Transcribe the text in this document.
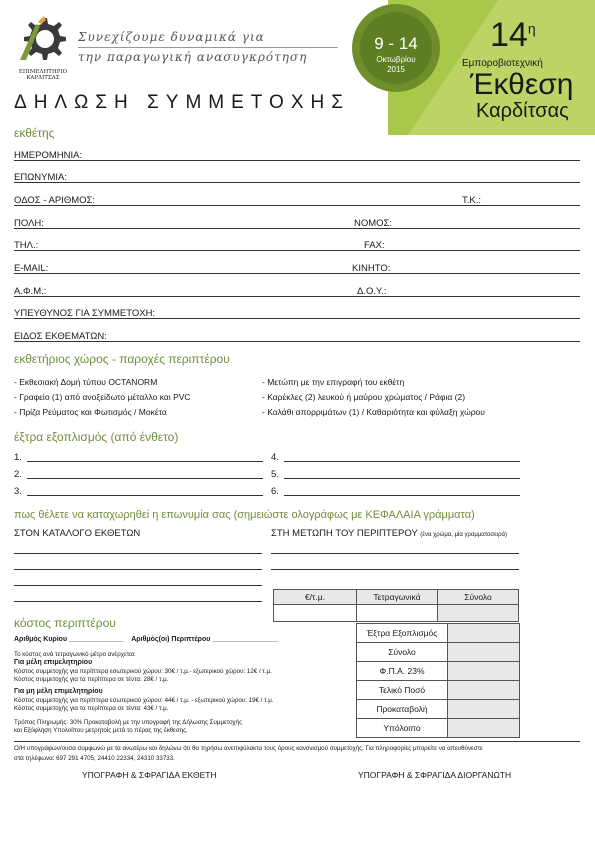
ΕΠΙΜΕΛΗΤΗΡΙΟ
ΚΑΡΔΙΤΣΑΣ
Συνεχίζουμε δυναμικά για
την παραγωγική ανασυγκρότηση
9 - 14
Οκτωβρίου
2015
$14^\eta$
Εμποροβιοτεχνική
Έκθεση
Καρδίτσας
ΔΗΛΩΣΗ ΣΥΜΜΕΤΟΧΗΣ
εκθέτης
ΗΜΕΡΟΜΗΝΙΑ:
ΕΠΩΝΥΜΙΑ:
ΟΔΟΣ - ΑΡΙΘΜΟΣ:	Τ.Κ.:
ΠΟΛΗ:	ΝΟΜΟΣ:
ΤΗΛ.:	FAX:
E-MAIL:	ΚΙΝΗΤΟ:
Α.Φ.Μ.:	Δ.Ο.Υ.:
ΥΠΕΥΘΥΝΟΣ ΓΙΑ ΣΥΜΜΕΤΟΧΗ:
ΕΙΔΟΣ ΕΚΘΕΜΑΤΩΝ:
εκθετήριος χώρος - παροχές περιπτέρου
- Εκθεσιακή Δομή τύπου OCTANORM
- Γραφείο (1) από ανοξείδωτο μέταλλο και PVC
- Πρίζα Ρεύματος και Φωτισμός / Μοκέτα
- Μετώπη με την επιγραφή του εκθέτη
- Καρέκλες (2) λευκού ή μαύρου χρώματος / Ράφια (2)
- Καλάθι απορριμάτων (1) / Καθαριότητα και φύλαξη χώρου
έξτρα εξοπλισμός (από ένθετο)
1.
2.
3.
4.
5.
6.
πως θέλετε να καταχωρηθεί η επωνυμία σας (σημειώστε ολογράφως με ΚΕΦΑΛΑΙΑ γράμματα)
ΣΤΟΝ ΚΑΤΑΛΟΓΟ ΕΚΘΕΤΩΝ	ΣΤΗ ΜΕΤΩΠΗ ΤΟΥ ΠΕΡΙΠΤΕΡΟΥ (ένα χρώμα, μία γραμματοσειρά)
€/τ.μ.	Τετραγωνικά	Σύνολο
κόστος περιπτέρου
Αριθμός Κυρίου ______________ Αριθμός(οι) Περιπτέρου _________________
Το κόστος ανά τετραγωνικό μέτρο ανέρχεται:
Για μέλη επιμελητηρίου
Κόστος συμμετοχής για περίπτερα εσωτερικού χώρου: 30€ / τ.μ.- εξωτερικού χώρου: 12€ / τ.μ.
Κόστος συμμετοχής για τα περίπτερα σε τέντα: 28€ / τ.μ.
Για μη μέλη επιμελητηρίου
Κόστος συμμετοχής για περίπτερα εσωτερικού χώρου: 44€ / τ.μ. - εξωτερικού χώρου: 19€ / τ.μ.
Κόστος συμμετοχής για τα περίπτερα σε τέντα: 43€ / τ.μ.
Τρόπος Πληρωμής: 30% Προκαταβολή με την υπογραφή της Δήλωσης Συμμετοχής
και Εξόφληση Υπολοίπου μετρητοίς μετά το πέρας της έκθεσης.
Έξτρα Εξοπλισμός
Σύνολο
Φ.Π.Α. 23%
Τελικό Ποσό
Προκαταβολή
Υπόλοιπο
Ο/Η υπογράφων/ουσα συμφωνώ με τα ανωτέρω και δηλώνω ότι θα τηρήσω ανεπιφύλακτα τους όρους κανονισμού συμμετοχής. Για πληροφορίες μπορείτε να απευθύνεστε
στα τηλέφωνα: 697 291 4705, 24410 22334, 24310 33733.
ΥΠΟΓΡΑΦΗ & ΣΦΡΑΓΙΔΑ ΕΚΘΕΤΗ	ΥΠΟΓΡΑΦΗ & ΣΦΡΑΓΙΔΑ ΔΙΟΡΓΑΝΩΤΗ
